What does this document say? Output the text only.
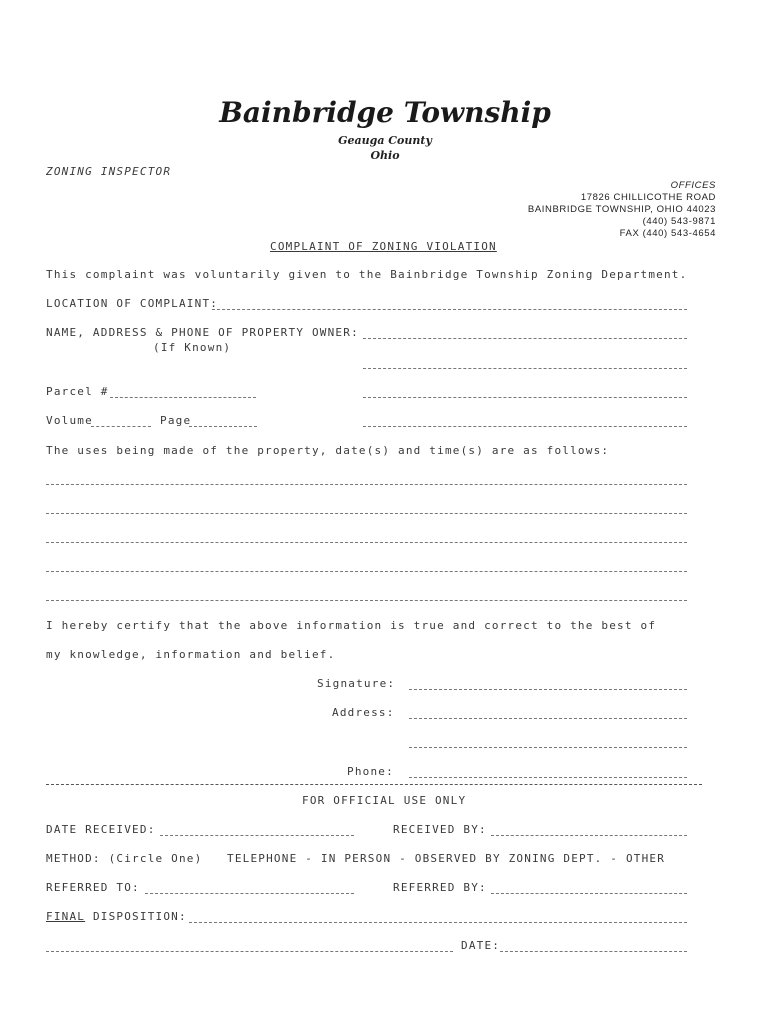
Bainbridge Township
Geauga County
Ohio
ZONING INSPECTOR
OFFICES
17826 CHILLICOTHE ROAD
BAINBRIDGE TOWNSHIP, OHIO 44023
(440) 543-9871
FAX (440) 543-4654
COMPLAINT OF ZONING VIOLATION
This complaint was voluntarily given to the Bainbridge Township Zoning Department.
LOCATION OF COMPLAINT:
NAME, ADDRESS & PHONE OF PROPERTY OWNER:
(If Known)
Parcel #
Volume	Page
The uses being made of the property, date(s) and time(s) are as follows:
I hereby certify that the above information is true and correct to the best of
my knowledge, information and belief.
Signature:
Address:
Phone:
FOR OFFICIAL USE ONLY
DATE RECEIVED:	RECEIVED BY:
METHOD: (Circle One) TELEPHONE - IN PERSON - OBSERVED BY ZONING DEPT. - OTHER
REFERRED TO:	REFERRED BY:
FINAL DISPOSITION:
DATE:
